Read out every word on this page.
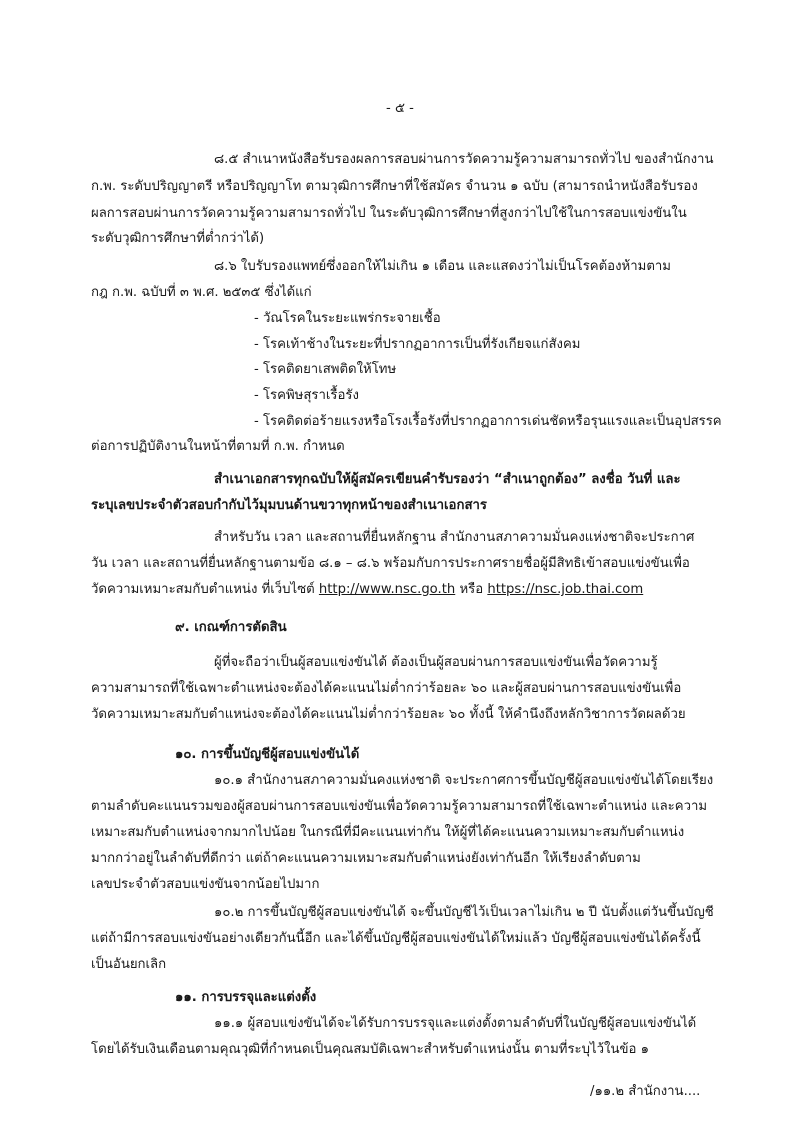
- ๕ -
๘.๕ สำเนาหนังสือรับรองผลการสอบผ่านการวัดความรู้ความสามารถทั่วไป ของสำนักงาน
ก.พ. ระดับปริญญาตรี หรือปริญญาโท ตามวุฒิการศึกษาที่ใช้สมัคร จำนวน ๑ ฉบับ (สามารถนำหนังสือรับรอง
ผลการสอบผ่านการวัดความรู้ความสามารถทั่วไป ในระดับวุฒิการศึกษาที่สูงกว่าไปใช้ในการสอบแข่งขันใน
ระดับวุฒิการศึกษาที่ต่ำกว่าได้)
๘.๖ ใบรับรองแพทย์ซึ่งออกให้ไม่เกิน ๑ เดือน และแสดงว่าไม่เป็นโรคต้องห้ามตาม
กฎ ก.พ. ฉบับที่ ๓ พ.ศ. ๒๕๓๕ ซึ่งได้แก่
- วัณโรคในระยะแพร่กระจายเชื้อ
- โรคเท้าช้างในระยะที่ปรากฏอาการเป็นที่รังเกียจแก่สังคม
- โรคติดยาเสพติดให้โทษ
- โรคพิษสุราเรื้อรัง
- โรคติดต่อร้ายแรงหรือโรงเรื้อรังที่ปรากฏอาการเด่นชัดหรือรุนแรงและเป็นอุปสรรค
ต่อการปฏิบัติงานในหน้าที่ตามที่ ก.พ. กำหนด
สำเนาเอกสารทุกฉบับให้ผู้สมัครเขียนคำรับรองว่า “สำเนาถูกต้อง” ลงชื่อ วันที่ และ
ระบุเลขประจำตัวสอบกำกับไว้มุมบนด้านขวาทุกหน้าของสำเนาเอกสาร
สำหรับวัน เวลา และสถานที่ยื่นหลักฐาน สำนักงานสภาความมั่นคงแห่งชาติจะประกาศ
วัน เวลา และสถานที่ยื่นหลักฐานตามข้อ ๘.๑ – ๘.๖ พร้อมกับการประกาศรายชื่อผู้มีสิทธิเข้าสอบแข่งขันเพื่อ
วัดความเหมาะสมกับตำแหน่ง ที่เว็บไซต์ http://www.nsc.go.th หรือ https://nsc.job.thai.com
๙. เกณฑ์การตัดสิน
ผู้ที่จะถือว่าเป็นผู้สอบแข่งขันได้ ต้องเป็นผู้สอบผ่านการสอบแข่งขันเพื่อวัดความรู้
ความสามารถที่ใช้เฉพาะตำแหน่งจะต้องได้คะแนนไม่ต่ำกว่าร้อยละ ๖๐ และผู้สอบผ่านการสอบแข่งขันเพื่อ
วัดความเหมาะสมกับตำแหน่งจะต้องได้คะแนนไม่ต่ำกว่าร้อยละ ๖๐ ทั้งนี้ ให้คำนึงถึงหลักวิชาการวัดผลด้วย
๑๐. การขึ้นบัญชีผู้สอบแข่งขันได้
๑๐.๑ สำนักงานสภาความมั่นคงแห่งชาติ จะประกาศการขึ้นบัญชีผู้สอบแข่งขันได้โดยเรียง
ตามลำดับคะแนนรวมของผู้สอบผ่านการสอบแข่งขันเพื่อวัดความรู้ความสามารถที่ใช้เฉพาะตำแหน่ง และความ
เหมาะสมกับตำแหน่งจากมากไปน้อย ในกรณีที่มีคะแนนเท่ากัน ให้ผู้ที่ได้คะแนนความเหมาะสมกับตำแหน่ง
มากกว่าอยู่ในลำดับที่ดีกว่า แต่ถ้าคะแนนความเหมาะสมกับตำแหน่งยังเท่ากันอีก ให้เรียงลำดับตาม
เลขประจำตัวสอบแข่งขันจากน้อยไปมาก
๑๐.๒ การขึ้นบัญชีผู้สอบแข่งขันได้ จะขึ้นบัญชีไว้เป็นเวลาไม่เกิน ๒ ปี นับตั้งแต่วันขึ้นบัญชี
แต่ถ้ามีการสอบแข่งขันอย่างเดียวกันนี้อีก และได้ขึ้นบัญชีผู้สอบแข่งขันได้ใหม่แล้ว บัญชีผู้สอบแข่งขันได้ครั้งนี้
เป็นอันยกเลิก
๑๑. การบรรจุและแต่งตั้ง
๑๑.๑ ผู้สอบแข่งขันได้จะได้รับการบรรจุและแต่งตั้งตามลำดับที่ในบัญชีผู้สอบแข่งขันได้
โดยได้รับเงินเดือนตามคุณวุฒิที่กำหนดเป็นคุณสมบัติเฉพาะสำหรับตำแหน่งนั้น ตามที่ระบุไว้ในข้อ ๑
/๑๑.๒ สำนักงาน....
